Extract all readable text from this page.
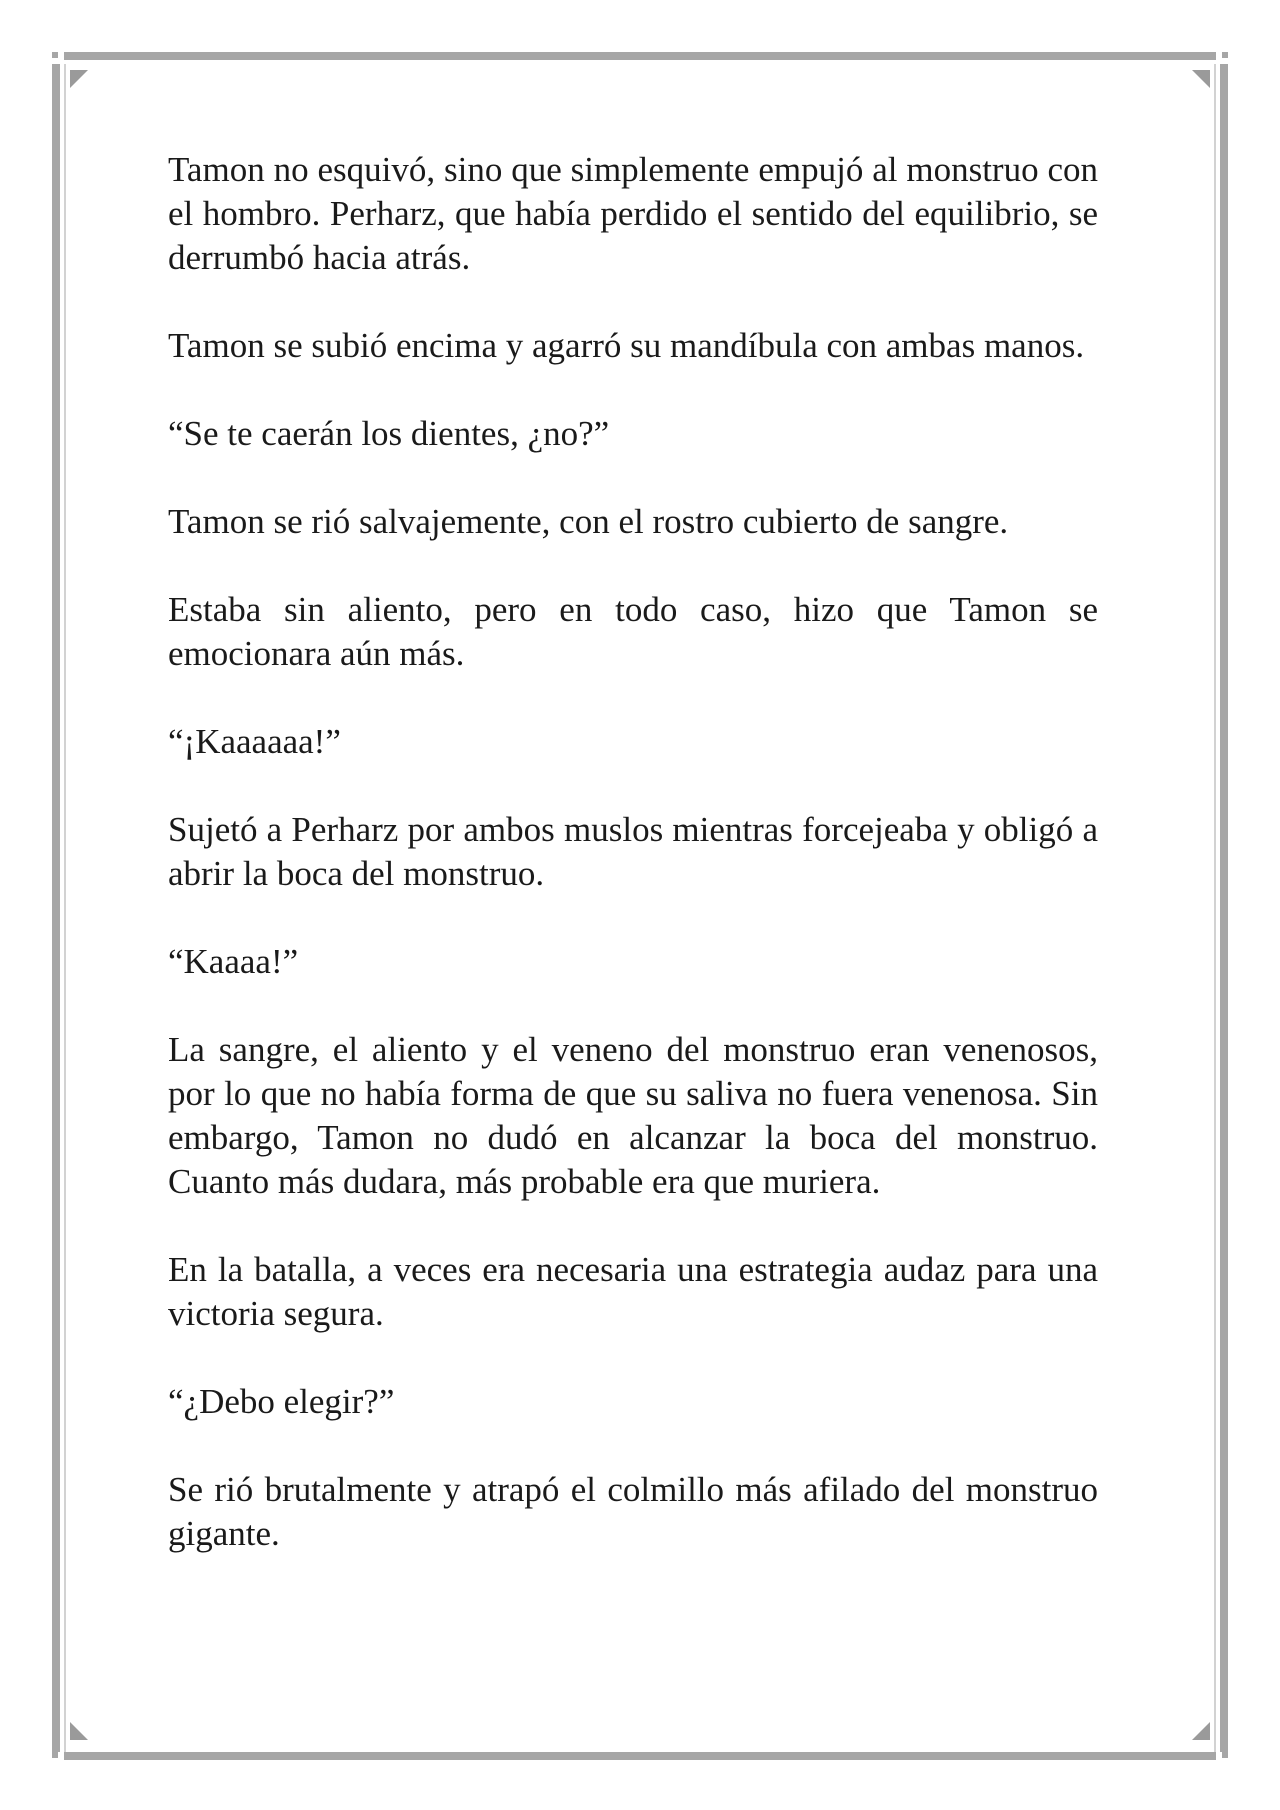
Tamon no esquivó, sino que simplemente empujó al monstruo con el hombro. Perharz, que había perdido el sentido del equilibrio, se derrumbó hacia atrás.

Tamon se subió encima y agarró su mandíbula con ambas manos.

“Se te caerán los dientes, ¿no?”

Tamon se rió salvajemente, con el rostro cubierto de sangre.

Estaba sin aliento, pero en todo caso, hizo que Tamon se emocionara aún más.

“¡Kaaaaaa!”

Sujetó a Perharz por ambos muslos mientras forcejeaba y obligó a abrir la boca del monstruo.

“Kaaaa!”

La sangre, el aliento y el veneno del monstruo eran venenosos, por lo que no había forma de que su saliva no fuera venenosa. Sin embargo, Tamon no dudó en alcanzar la boca del monstruo. Cuanto más dudara, más probable era que muriera.

En la batalla, a veces era necesaria una estrategia audaz para una victoria segura.

“¿Debo elegir?”

Se rió brutalmente y atrapó el colmillo más afilado del monstruo gigante.
